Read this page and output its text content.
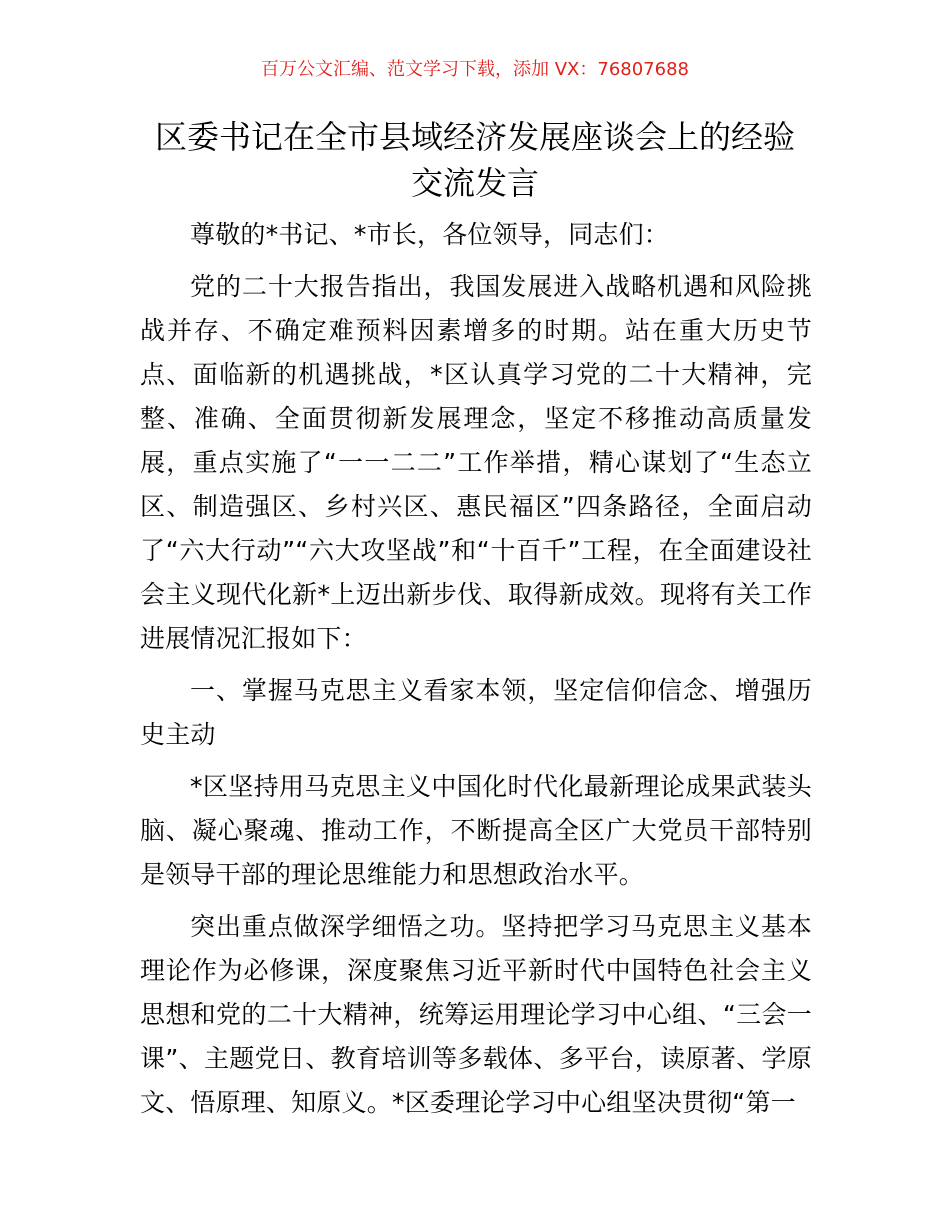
百万公文汇编、范文学习下载，添加 VX：76807688
区委书记在全市县域经济发展座谈会上的经验交流发言

尊敬的*书记、*市长，各位领导，同志们：

党的二十大报告指出，我国发展进入战略机遇和风险挑战并存、不确定难预料因素增多的时期。站在重大历史节点、面临新的机遇挑战，*区认真学习党的二十大精神，完整、准确、全面贯彻新发展理念，坚定不移推动高质量发展，重点实施了“一一二二”工作举措，精心谋划了“生态立区、制造强区、乡村兴区、惠民福区”四条路径，全面启动了“六大行动”“六大攻坚战”和“十百千”工程，在全面建设社会主义现代化新*上迈出新步伐、取得新成效。现将有关工作进展情况汇报如下：

一、掌握马克思主义看家本领，坚定信仰信念、增强历史主动

*区坚持用马克思主义中国化时代化最新理论成果武装头脑、凝心聚魂、推动工作，不断提高全区广大党员干部特别是领导干部的理论思维能力和思想政治水平。

突出重点做深学细悟之功。坚持把学习马克思主义基本理论作为必修课，深度聚焦习近平新时代中国特色社会主义思想和党的二十大精神，统筹运用理论学习中心组、“三会一课”、主题党日、教育培训等多载体、多平台，读原著、学原文、悟原理、知原义。*区委理论学习中心组坚决贯彻“第一
